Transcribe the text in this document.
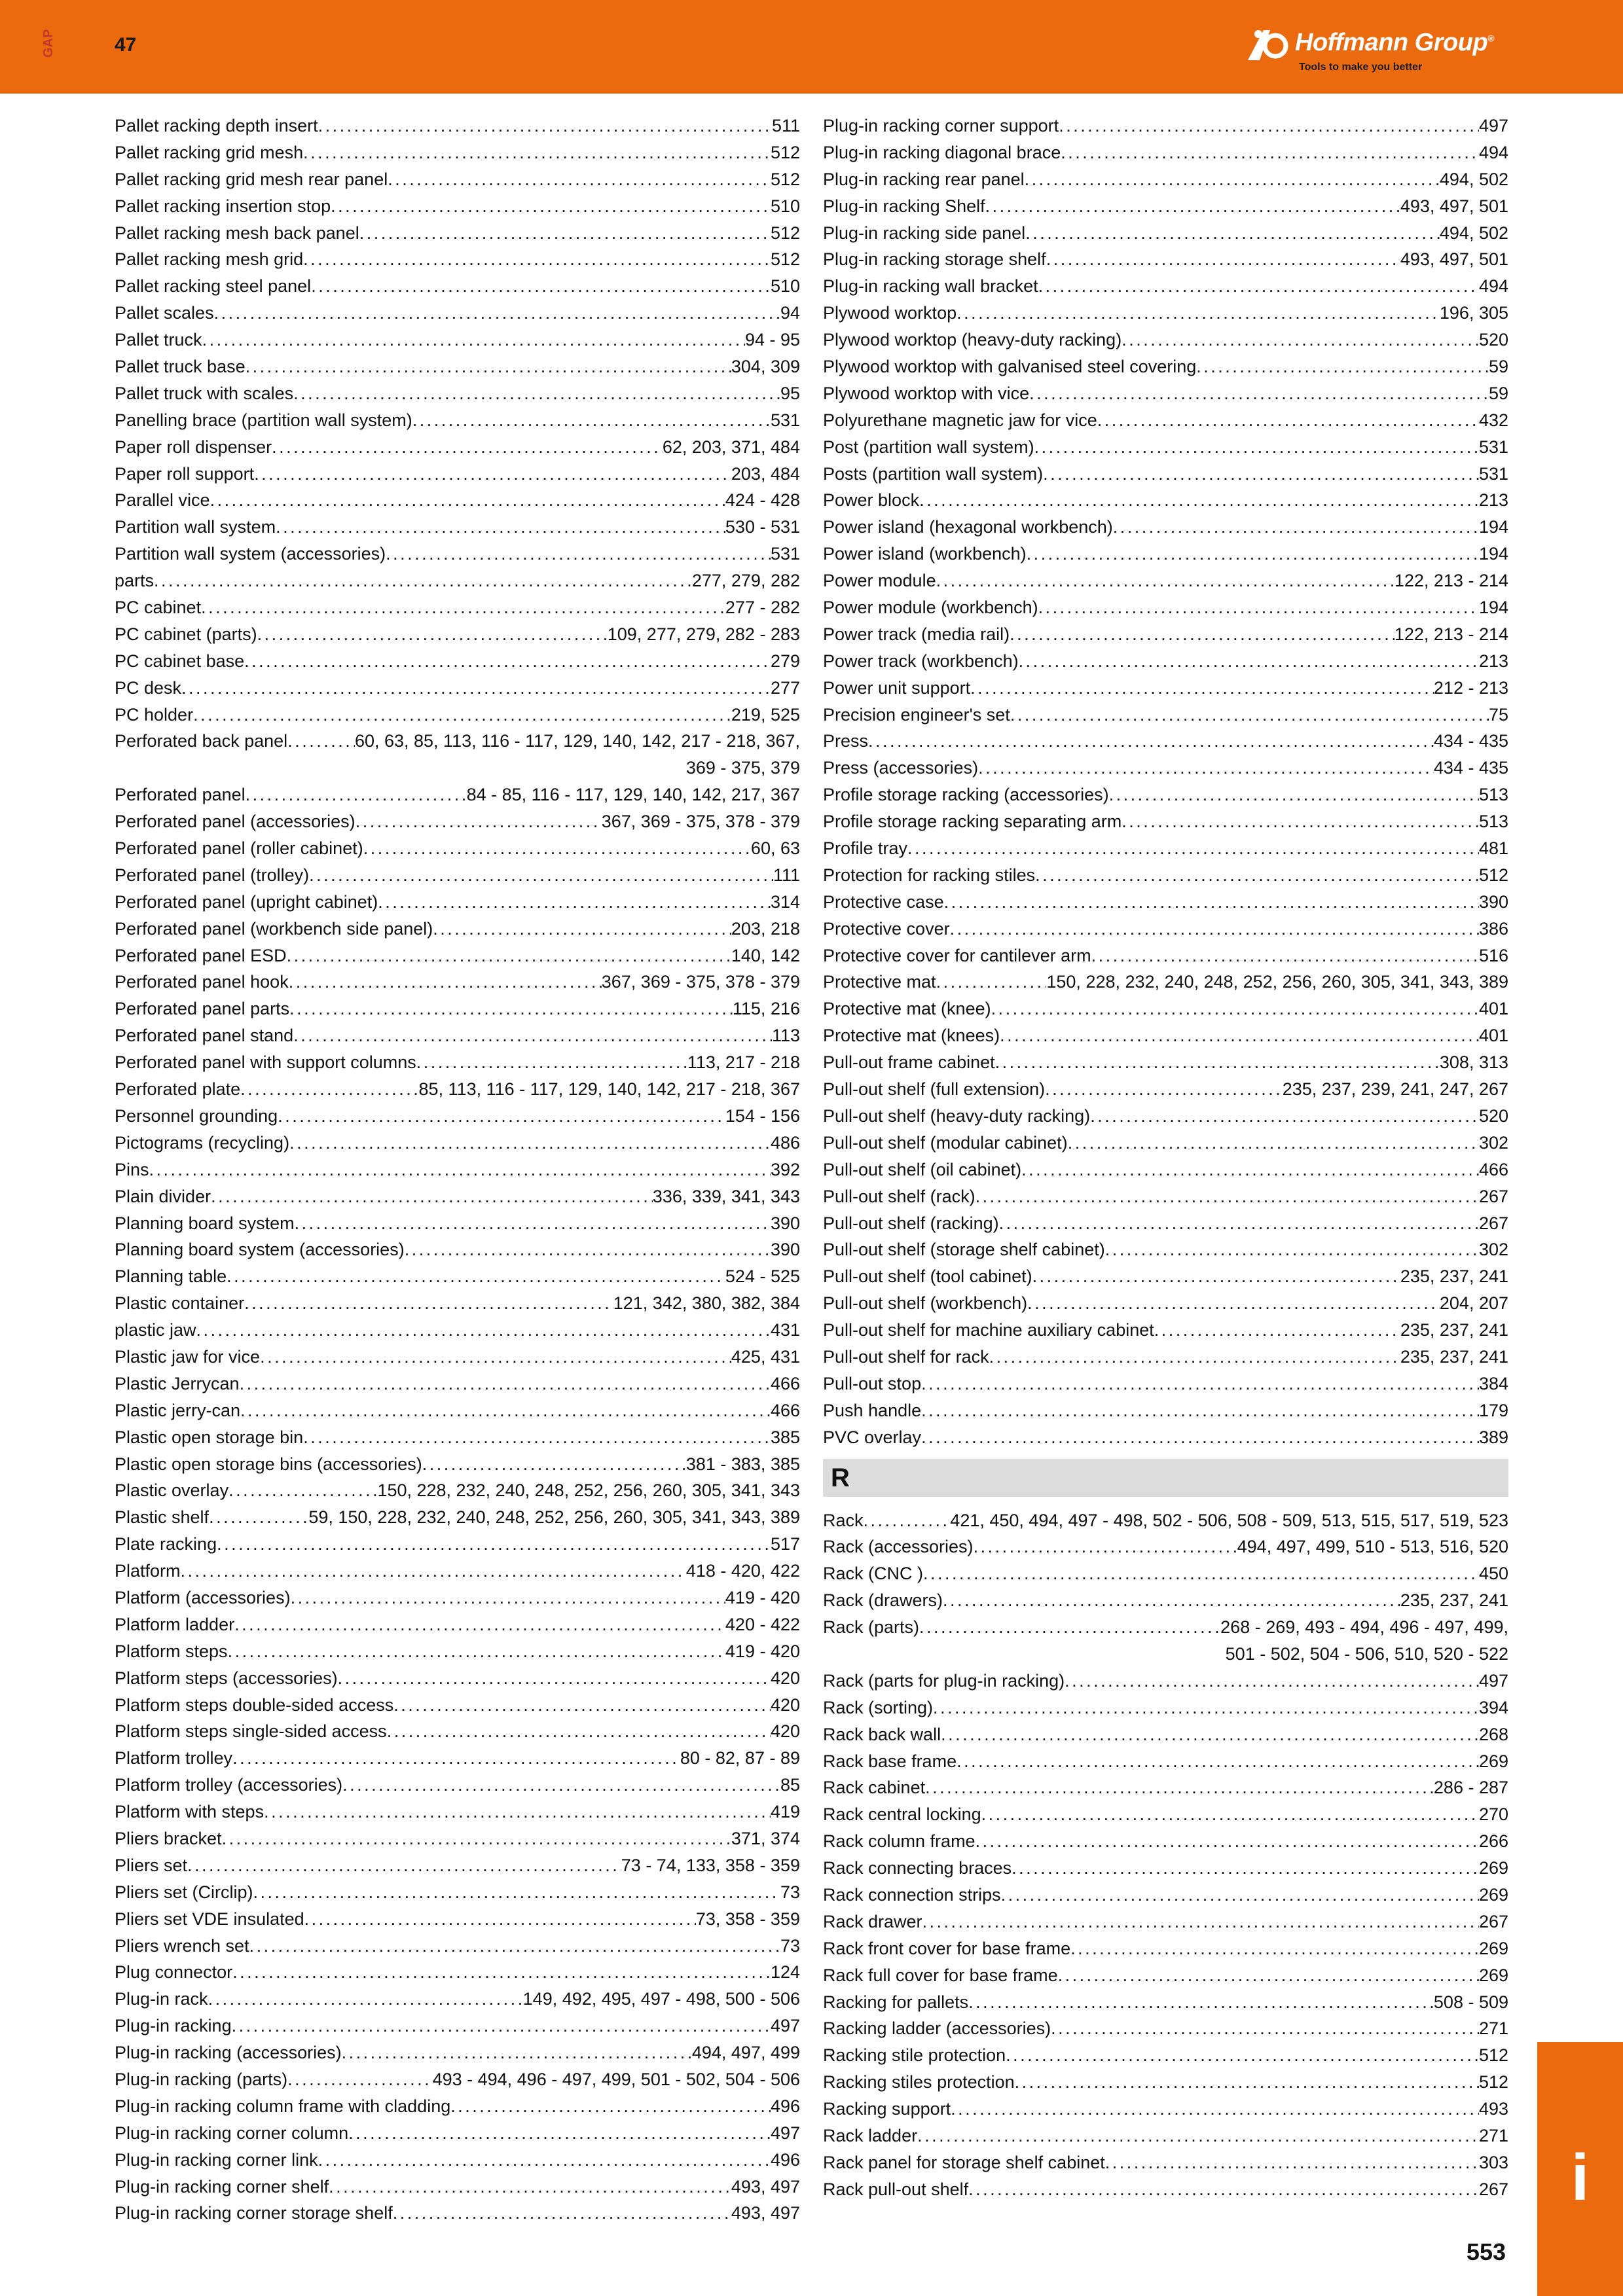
GAP	47	Hoffmann Group®
Tools to make you better
Pallet racking depth insert . . .	511
Pallet racking grid mesh . . .	512
Pallet racking grid mesh rear panel . . .	512
Pallet racking insertion stop . . .	510
Pallet racking mesh back panel . . .	512
Pallet racking mesh grid . . .	512
Pallet racking steel panel . . .	510
Pallet scales . . .	94
Pallet truck . . .	94 - 95
Pallet truck base . . .	304, 309
Pallet truck with scales . . .	95
Panelling brace (partition wall system) . . .	531
Paper roll dispenser . . .	62, 203, 371, 484
Paper roll support . . .	203, 484
Parallel vice . . .	424 - 428
Partition wall system . . .	530 - 531
Partition wall system (accessories) . . .	531
parts . . .	277, 279, 282
PC cabinet . . .	277 - 282
PC cabinet (parts) . . .	109, 277, 279, 282 - 283
PC cabinet base . . .	279
PC desk . . .	277
PC holder . . .	219, 525
Perforated back panel . . .	60, 63, 85, 113, 116 - 117, 129, 140, 142, 217 - 218, 367,
369 - 375, 379
Perforated panel . . .	84 - 85, 116 - 117, 129, 140, 142, 217, 367
Perforated panel (accessories) . . .	367, 369 - 375, 378 - 379
Perforated panel (roller cabinet) . . .	60, 63
Perforated panel (trolley) . . .	111
Perforated panel (upright cabinet) . . .	314
Perforated panel (workbench side panel) . . .	203, 218
Perforated panel ESD . . .	140, 142
Perforated panel hook . . .	367, 369 - 375, 378 - 379
Perforated panel parts . . .	115, 216
Perforated panel stand . . .	113
Perforated panel with support columns . . .	113, 217 - 218
Perforated plate . . .	85, 113, 116 - 117, 129, 140, 142, 217 - 218, 367
Personnel grounding . . .	154 - 156
Pictograms (recycling) . . .	486
Pins . . .	392
Plain divider . . .	336, 339, 341, 343
Planning board system . . .	390
Planning board system (accessories) . . .	390
Planning table . . .	524 - 525
Plastic container . . .	121, 342, 380, 382, 384
plastic jaw . . .	431
Plastic jaw for vice . . .	425, 431
Plastic Jerrycan . . .	466
Plastic jerry-can . . .	466
Plastic open storage bin . . .	385
Plastic open storage bins (accessories) . . .	381 - 383, 385
Plastic overlay . . .	150, 228, 232, 240, 248, 252, 256, 260, 305, 341, 343
Plastic shelf . . .	59, 150, 228, 232, 240, 248, 252, 256, 260, 305, 341, 343, 389
Plate racking . . .	517
Platform . . .	418 - 420, 422
Platform (accessories) . . .	419 - 420
Platform ladder . . .	420 - 422
Platform steps . . .	419 - 420
Platform steps (accessories) . . .	420
Platform steps double-sided access . . .	420
Platform steps single-sided access . . .	420
Platform trolley . . .	80 - 82, 87 - 89
Platform trolley (accessories) . . .	85
Platform with steps . . .	419
Pliers bracket . . .	371, 374
Pliers set . . .	73 - 74, 133, 358 - 359
Pliers set (Circlip) . . .	73
Pliers set VDE insulated . . .	73, 358 - 359
Pliers wrench set . . .	73
Plug connector . . .	124
Plug-in rack . . .	149, 492, 495, 497 - 498, 500 - 506
Plug-in racking . . .	497
Plug-in racking (accessories) . . .	494, 497, 499
Plug-in racking (parts) . . .	493 - 494, 496 - 497, 499, 501 - 502, 504 - 506
Plug-in racking column frame with cladding . . .	496
Plug-in racking corner column . . .	497
Plug-in racking corner link . . .	496
Plug-in racking corner shelf . . .	493, 497
Plug-in racking corner storage shelf . . .	493, 497
Plug-in racking corner support . . .	497
Plug-in racking diagonal brace . . .	494
Plug-in racking rear panel . . .	494, 502
Plug-in racking Shelf . . .	493, 497, 501
Plug-in racking side panel . . .	494, 502
Plug-in racking storage shelf . . .	493, 497, 501
Plug-in racking wall bracket . . .	494
Plywood worktop . . .	196, 305
Plywood worktop (heavy-duty racking) . . .	520
Plywood worktop with galvanised steel covering . . .	59
Plywood worktop with vice . . .	59
Polyurethane magnetic jaw for vice . . .	432
Post (partition wall system) . . .	531
Posts (partition wall system) . . .	531
Power block . . .	213
Power island (hexagonal workbench) . . .	194
Power island (workbench) . . .	194
Power module . . .	122, 213 - 214
Power module (workbench) . . .	194
Power track (media rail) . . .	122, 213 - 214
Power track (workbench) . . .	213
Power unit support . . .	212 - 213
Precision engineer's set . . .	75
Press . . .	434 - 435
Press (accessories) . . .	434 - 435
Profile storage racking (accessories) . . .	513
Profile storage racking separating arm . . .	513
Profile tray . . .	481
Protection for racking stiles . . .	512
Protective case . . .	390
Protective cover . . .	386
Protective cover for cantilever arm . . .	516
Protective mat . . .	150, 228, 232, 240, 248, 252, 256, 260, 305, 341, 343, 389
Protective mat (knee) . . .	401
Protective mat (knees) . . .	401
Pull-out frame cabinet . . .	308, 313
Pull-out shelf (full extension) . . .	235, 237, 239, 241, 247, 267
Pull-out shelf (heavy-duty racking) . . .	520
Pull-out shelf (modular cabinet) . . .	302
Pull-out shelf (oil cabinet) . . .	466
Pull-out shelf (rack) . . .	267
Pull-out shelf (racking) . . .	267
Pull-out shelf (storage shelf cabinet) . . .	302
Pull-out shelf (tool cabinet) . . .	235, 237, 241
Pull-out shelf (workbench) . . .	204, 207
Pull-out shelf for machine auxiliary cabinet . . .	235, 237, 241
Pull-out shelf for rack . . .	235, 237, 241
Pull-out stop . . .	384
Push handle . . .	179
PVC overlay . . .	389
R
Rack . . .	421, 450, 494, 497 - 498, 502 - 506, 508 - 509, 513, 515, 517, 519, 523
Rack (accessories) . . .	494, 497, 499, 510 - 513, 516, 520
Rack (CNC ) . . .	450
Rack (drawers) . . .	235, 237, 241
Rack (parts) . . .	268 - 269, 493 - 494, 496 - 497, 499,
501 - 502, 504 - 506, 510, 520 - 522
Rack (parts for plug-in racking) . . .	497
Rack (sorting) . . .	394
Rack back wall . . .	268
Rack base frame . . .	269
Rack cabinet . . .	286 - 287
Rack central locking . . .	270
Rack column frame . . .	266
Rack connecting braces . . .	269
Rack connection strips . . .	269
Rack drawer . . .	267
Rack front cover for base frame . . .	269
Rack full cover for base frame . . .	269
Racking for pallets . . .	508 - 509
Racking ladder (accessories) . . .	271
Racking stile protection . . .	512
Racking stiles protection . . .	512
Racking support . . .	493
Rack ladder . . .	271
Rack panel for storage shelf cabinet . . .	303
Rack pull-out shelf . . .	267 i
553
